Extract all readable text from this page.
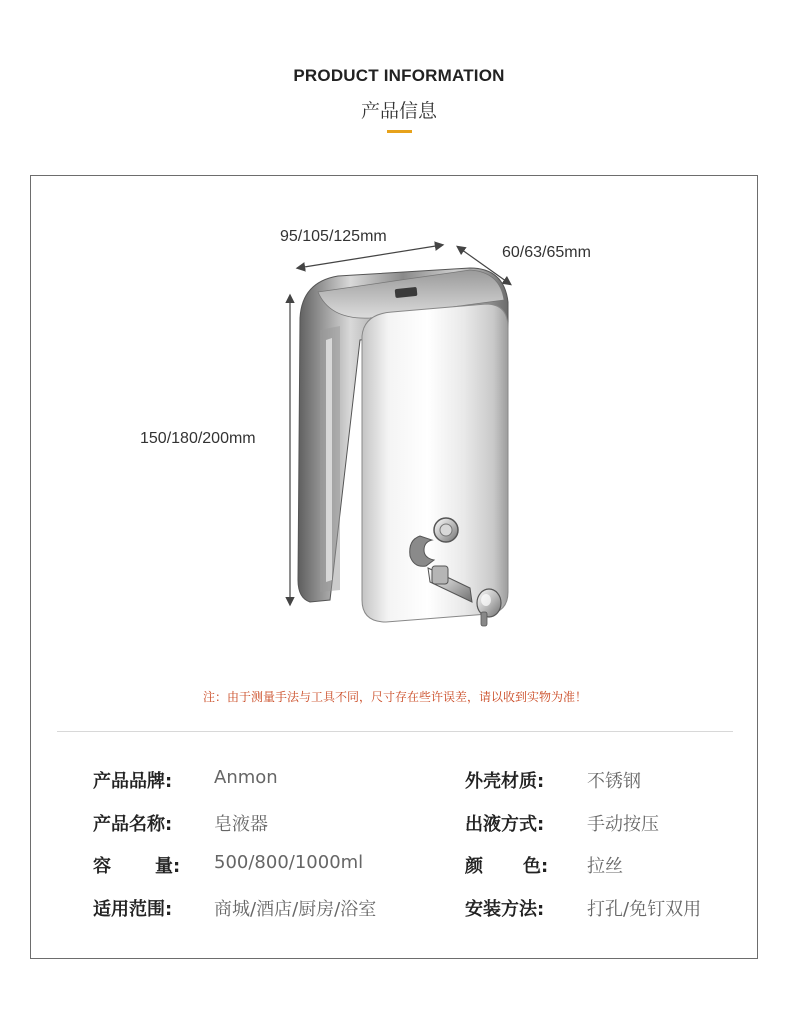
PRODUCT INFORMATION
产品信息
95/105/125mm
60/63/65mm
150/180/200mm
注：由于测量手法与工具不同，尺寸存在些许误差，请以收到实物为准！
产品品牌: Anmon
产品名称: 皂液器
容 量: 500/800/1000ml
适用范围: 商城/酒店/厨房/浴室
外壳材质: 不锈钢
出液方式: 手动按压
颜 色: 拉丝
安装方法: 打孔/免钉双用
